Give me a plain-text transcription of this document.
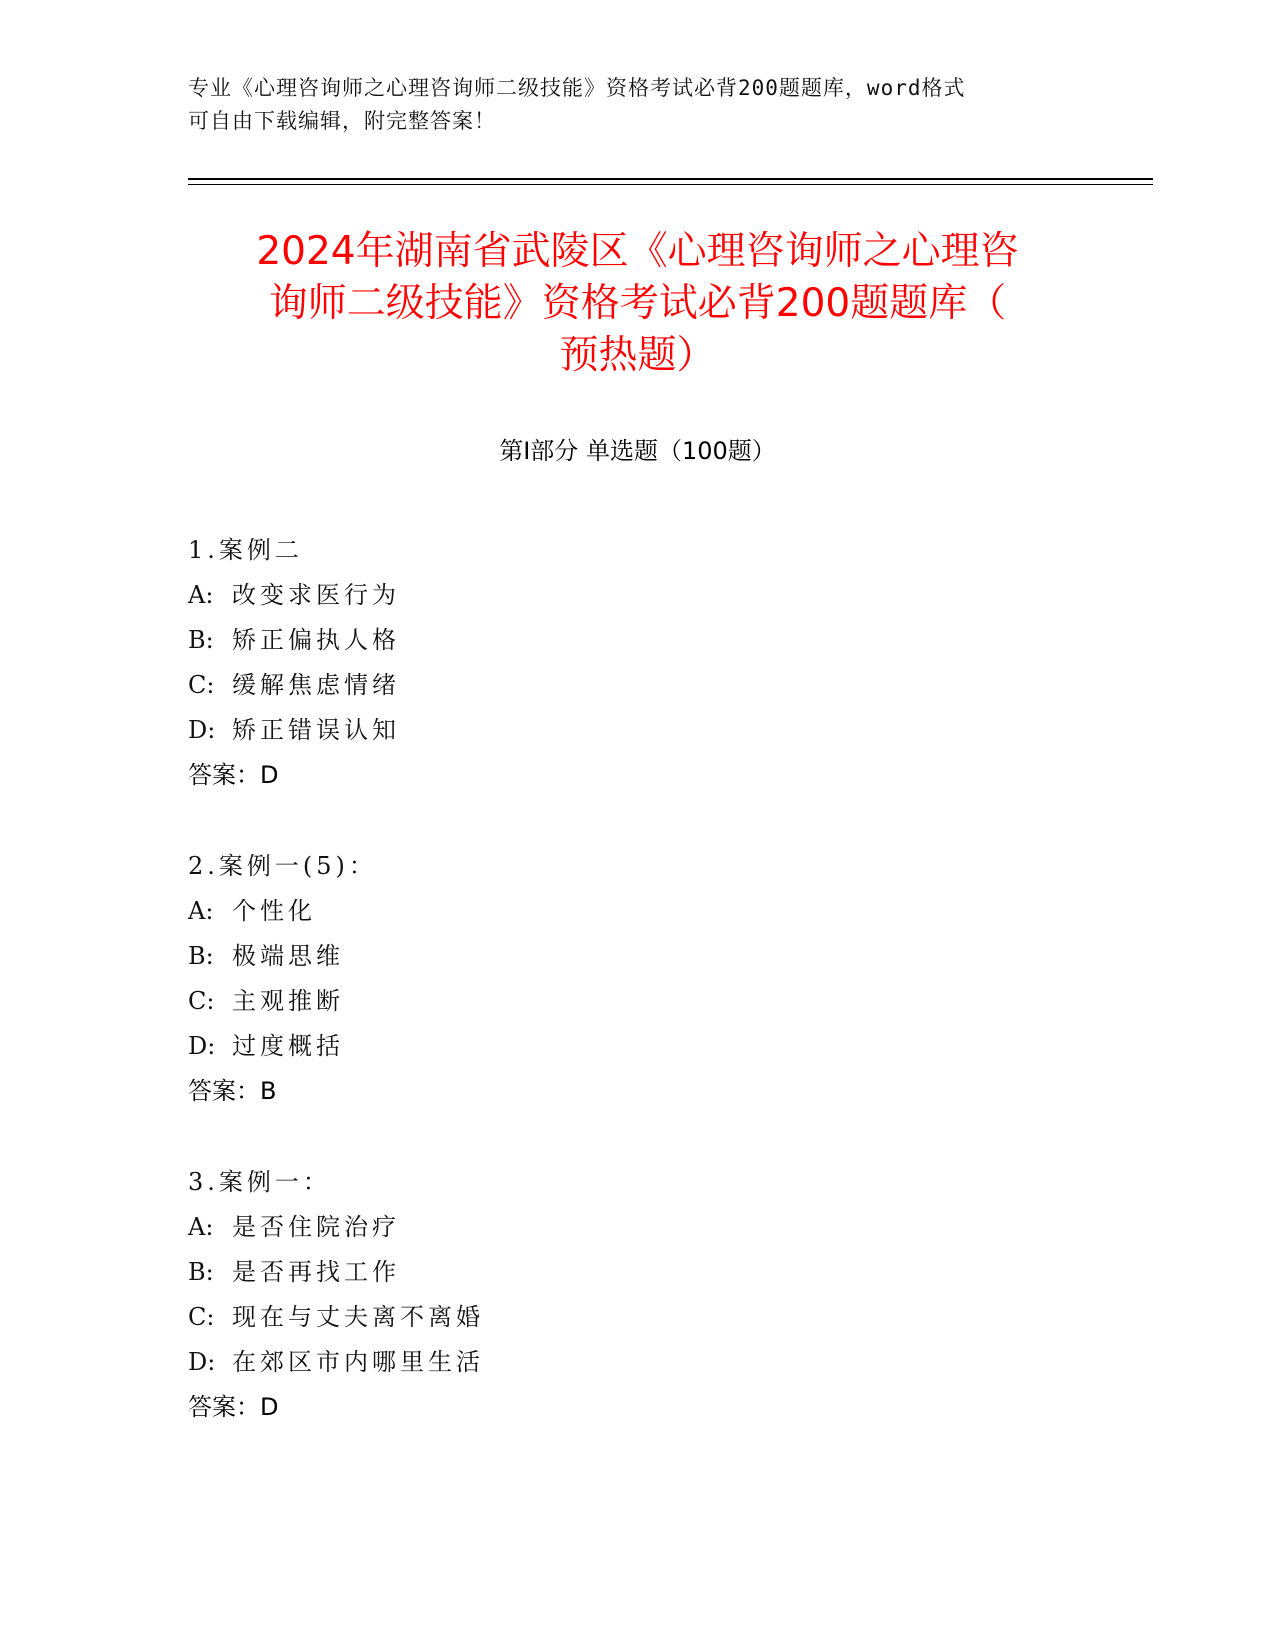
专业《心理咨询师之心理咨询师二级技能》资格考试必背200题题库，word格式
可自由下载编辑，附完整答案！
2024年湖南省武陵区《心理咨询师之心理咨
询师二级技能》资格考试必背200题题库（
预热题）
第Ⅰ部分 单选题（100题）
1.案例二
A: 改变求医行为
B: 矫正偏执人格
C: 缓解焦虑情绪
D: 矫正错误认知
答案：D
2.案例一(5)：
A: 个性化
B: 极端思维
C: 主观推断
D: 过度概括
答案：B
3.案例一：
A: 是否住院治疗
B: 是否再找工作
C: 现在与丈夫离不离婚
D: 在郊区市内哪里生活
答案：D
